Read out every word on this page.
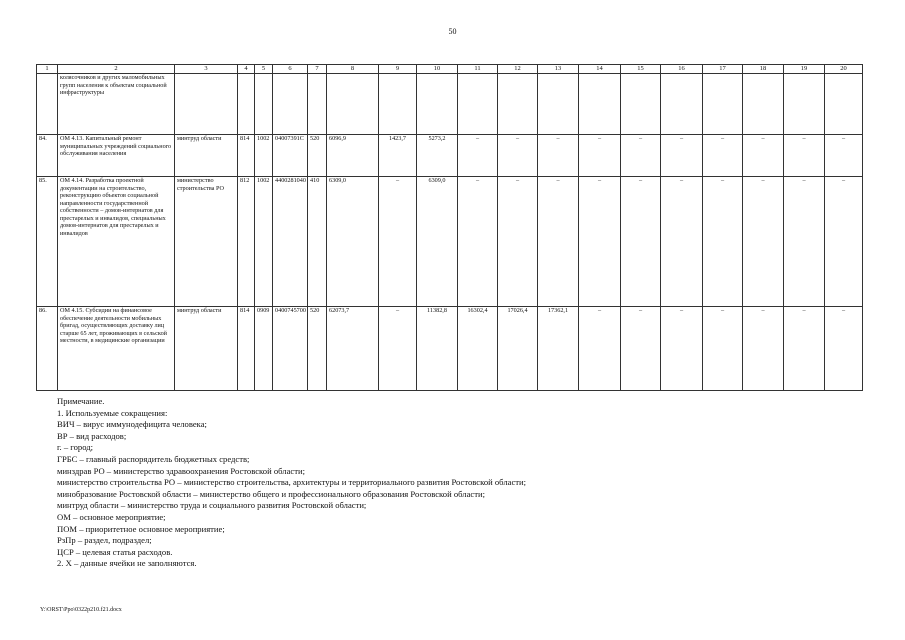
50
1	2	3	4	5	6	7	8	9	10	11	12	13	14	15	16	17	18	19	20
	колясочников и других маломобильных групп населения к объектам социальной инфраструктуры																		
84.	ОМ 4.13. Капитальный ремонт муниципальных учреждений социального обслуживания населения	минтруд области	814	1002	04007391С	520	6096,9	1423,7	5273,2	–	–	–	–	–	–	–	–	–	–
85.	ОМ 4.14. Разработка проектной документации на строительство, реконструкцию объектов социальной направленности государственной собственности – домов-интернатов для престарелых и инвалидов, специальных домов-интернатов для престарелых и инвалидов	министерство строительства РО	812	1002	4400281040	410	6309,0	–	6309,0	–	–	–	–	–	–	–	–	–	–
86.	ОМ 4.15. Субсидии на финансовое обеспечение деятельности мобильных бригад, осуществляющих доставку лиц старше 65 лет, проживающих в сельской местности, в медицинские организации	минтруд области	814	0909	0400745700	520	62073,7	–	11382,8	16302,4	17026,4	17362,1	–	–	–	–	–	–	–
Примечание.
1. Используемые сокращения:
ВИЧ – вирус иммунодефицита человека;
ВР – вид расходов;
г. – город;
ГРБС – главный распорядитель бюджетных средств;
минздрав РО – министерство здравоохранения Ростовской области;
министерство строительства РО – министерство строительства, архитектуры и территориального развития Ростовской области;
минобразование Ростовской области – министерство общего и профессионального образования Ростовской области;
минтруд области – министерство труда и социального развития Ростовской области;
ОМ – основное мероприятие;
ПОМ – приоритетное основное мероприятие;
РзПр – раздел, подраздел;
ЦСР – целевая статья расходов.
2. Х – данные ячейки не заполняются.
Y:\ORST\Ppo\0322p210.f21.docx
